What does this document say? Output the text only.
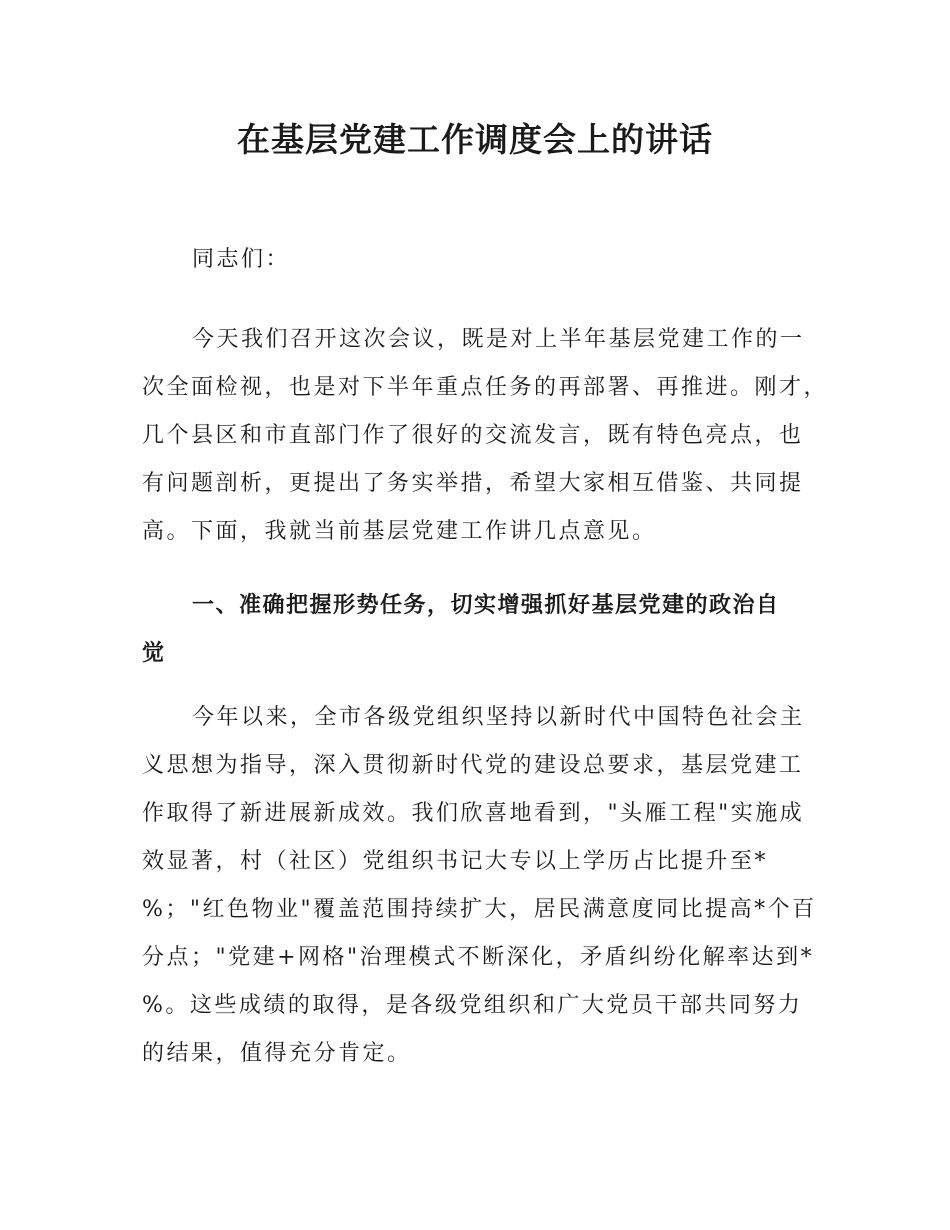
在基层党建工作调度会上的讲话
同志们：
今天我们召开这次会议，既是对上半年基层党建工作的一
次全面检视，也是对下半年重点任务的再部署、再推进。刚才，
几个县区和市直部门作了很好的交流发言，既有特色亮点，也
有问题剖析，更提出了务实举措，希望大家相互借鉴、共同提
高。下面，我就当前基层党建工作讲几点意见。
一、准确把握形势任务，切实增强抓好基层党建的政治自
觉
今年以来，全市各级党组织坚持以新时代中国特色社会主
义思想为指导，深入贯彻新时代党的建设总要求，基层党建工
作取得了新进展新成效。我们欣喜地看到，"头雁工程"实施成
效显著，村（社区）党组织书记大专以上学历占比提升至*
%；"红色物业"覆盖范围持续扩大，居民满意度同比提高*个百
分点；"党建+网格"治理模式不断深化，矛盾纠纷化解率达到*
%。这些成绩的取得，是各级党组织和广大党员干部共同努力
的结果，值得充分肯定。
